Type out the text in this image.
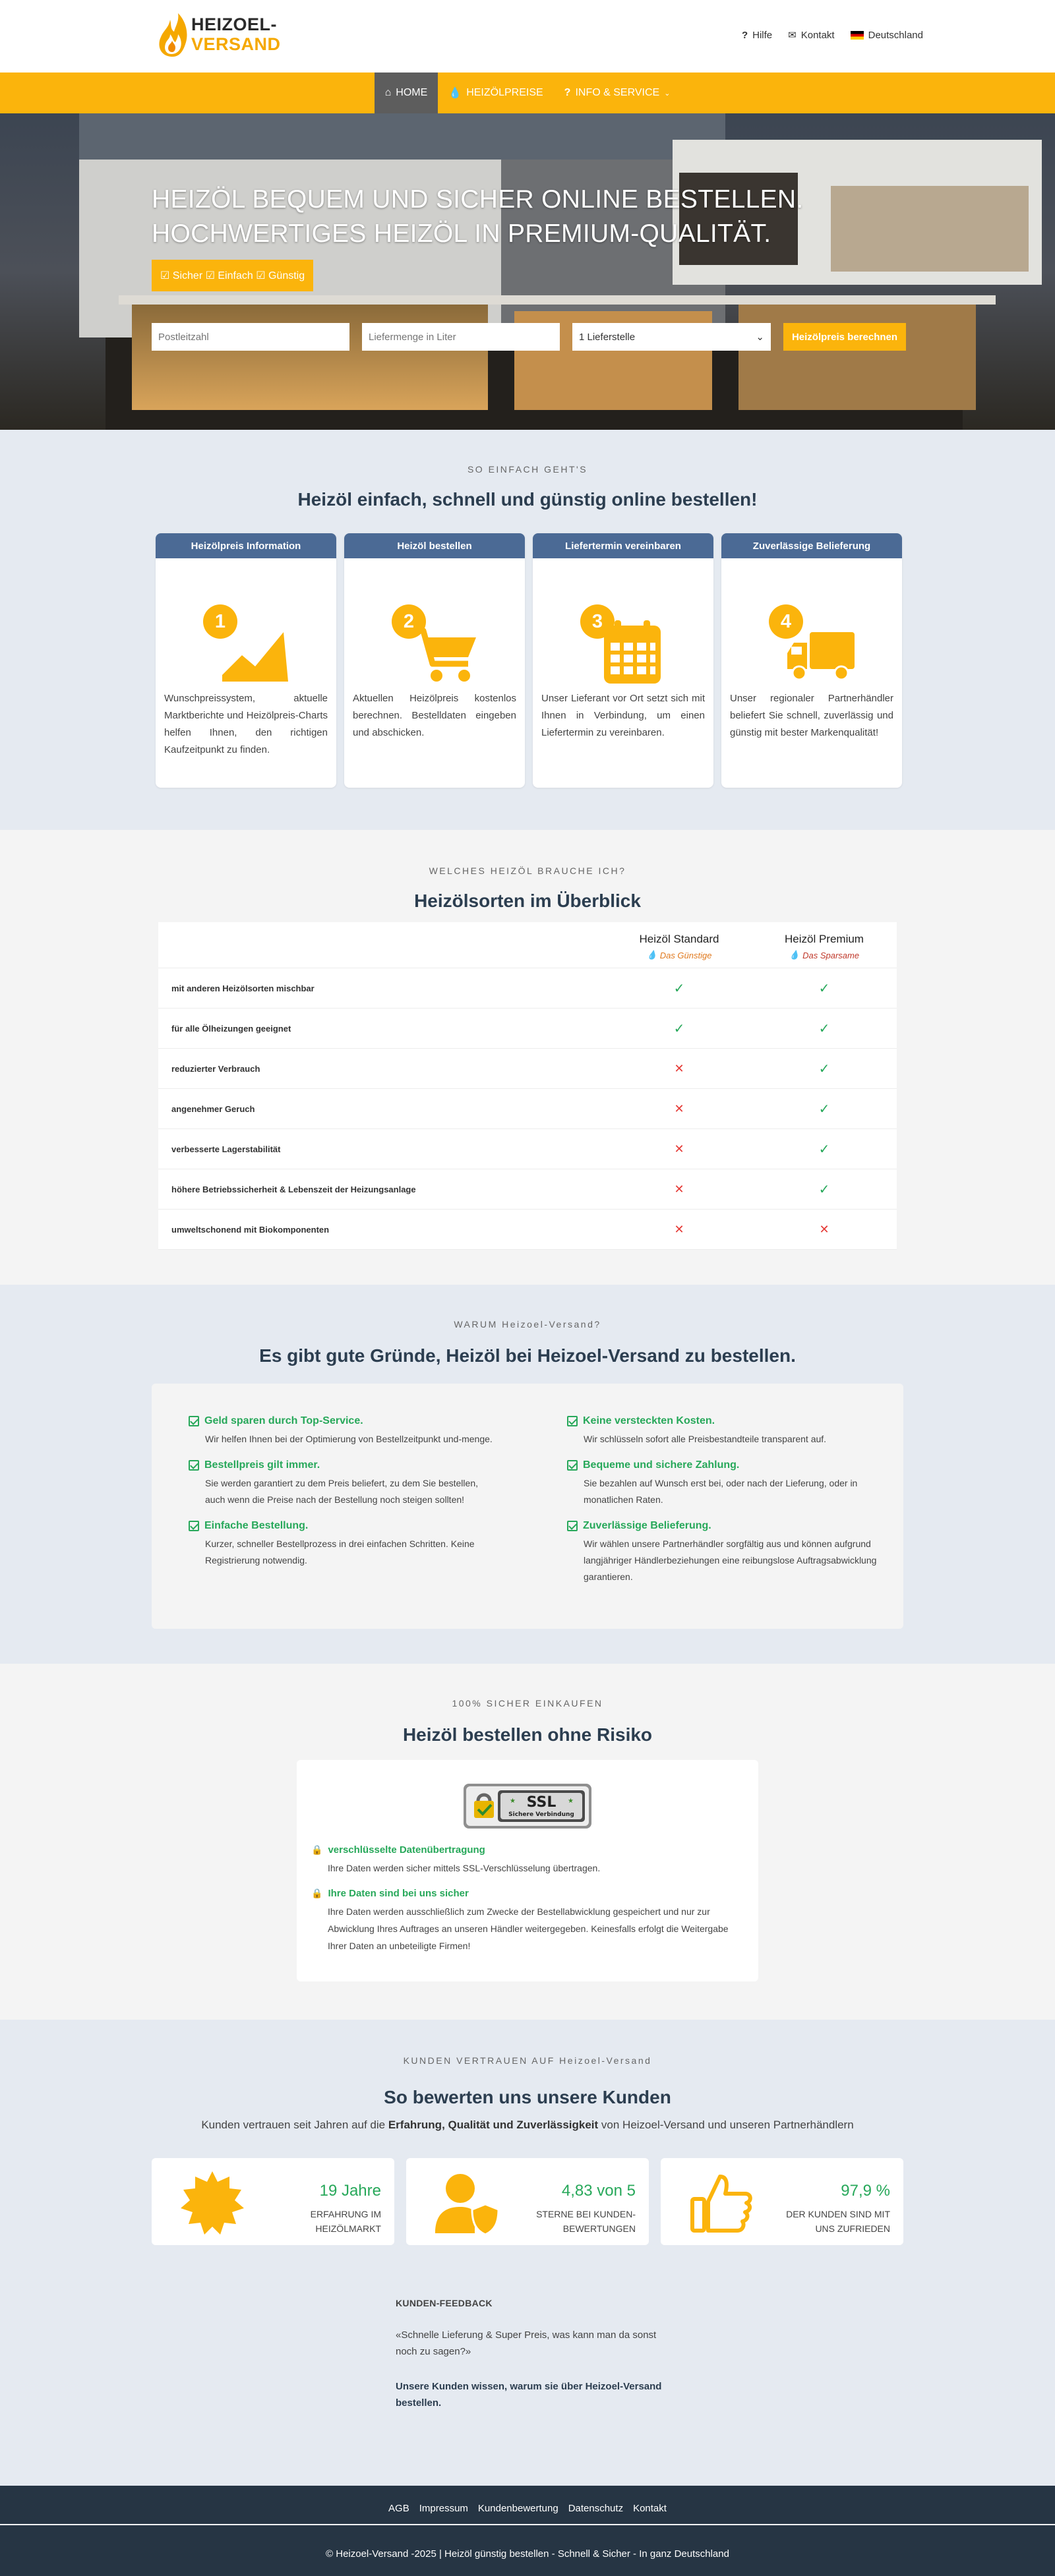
HEIZOEL-
VERSAND	? Hilfe ✉ Kontakt	Deutschland
⌂ HOME 💧 HEIZÖLPREISE ? INFO & SERVICE ⌄
HEIZÖL BEQUEM UND SICHER ONLINE BESTELLEN.
HOCHWERTIGES HEIZÖL IN PREMIUM-QUALITÄT.
☑ Sicher ☑ Einfach ☑ Günstig
Postleitzahl
Liefermenge in Liter
1 Lieferstelle	⌄	Heizölpreis berechnen
SO EINFACH GEHT'S
Heizöl einfach, schnell und günstig online bestellen!
Heizölpreis Information
1
Wunschpreissystem, aktuelle Marktberichte und Heizölpreis-Charts helfen Ihnen, den richtigen Kaufzeitpunkt zu finden.
Heizöl bestellen
2
Aktuellen Heizölpreis kostenlos berechnen. Bestelldaten eingeben und abschicken.
Liefertermin vereinbaren
3
Unser Lieferant vor Ort setzt sich mit Ihnen in Verbindung, um einen Liefertermin zu vereinbaren.
Zuverlässige Belieferung
4
Unser regionaler Partnerhändler beliefert Sie schnell, zuverlässig und günstig mit bester Markenqualität!
WELCHES HEIZÖL BRAUCHE ICH?
Heizölsorten im Überblick
Heizöl Standard
💧 Das Günstige
Heizöl Premium
💧 Das Sparsame
mit anderen Heizölsorten mischbar	✓	✓
für alle Ölheizungen geeignet	✓	✓
reduzierter Verbrauch	✕	✓
angenehmer Geruch	✕	✓
verbesserte Lagerstabilität	✕	✓
höhere Betriebssicherheit & Lebenszeit der Heizungsanlage	✕	✓
umweltschonend mit Biokomponenten	✕	✕
WARUM Heizoel-Versand?
Es gibt gute Gründe, Heizöl bei Heizoel-Versand zu bestellen.
Geld sparen durch Top-Service.
Wir helfen Ihnen bei der Optimierung von Bestellzeitpunkt und-menge.
Bestellpreis gilt immer.
Sie werden garantiert zu dem Preis beliefert, zu dem Sie bestellen, auch wenn die Preise nach der Bestellung noch steigen sollten!
Einfache Bestellung.
Kurzer, schneller Bestellprozess in drei einfachen Schritten. Keine Registrierung notwendig.
Keine versteckten Kosten.
Wir schlüsseln sofort alle Preisbestandteile transparent auf.
Bequeme und sichere Zahlung.
Sie bezahlen auf Wunsch erst bei, oder nach der Lieferung, oder in monatlichen Raten.
Zuverlässige Belieferung.
Wir wählen unsere Partnerhändler sorgfältig aus und können aufgrund langjähriger Händlerbeziehungen eine reibungslose Auftragsabwicklung garantieren.
100% SICHER EINKAUFEN
Heizöl bestellen ohne Risiko
★	★
SSL
Sichere Verbindung
🔒 verschlüsselte Datenübertragung
Ihre Daten werden sicher mittels SSL-Verschlüsselung übertragen.
🔒 Ihre Daten sind bei uns sicher
Ihre Daten werden ausschließlich zum Zwecke der Bestellabwicklung gespeichert und nur zur Abwicklung Ihres Auftrages an unseren Händler weitergegeben. Keinesfalls erfolgt die Weitergabe Ihrer Daten an unbeteiligte Firmen!
KUNDEN VERTRAUEN AUF Heizoel-Versand
So bewerten uns unsere Kunden
Kunden vertrauen seit Jahren auf die Erfahrung, Qualität und Zuverlässigkeit von Heizoel-Versand und unseren Partnerhändlern
19 Jahre
ERFAHRUNG IM
HEIZÖLMARKT
4,83 von 5
STERNE BEI KUNDEN-
BEWERTUNGEN
97,9 %
DER KUNDEN SIND MIT
UNS ZUFRIEDEN
KUNDEN-FEEDBACK
«Schnelle Lieferung & Super Preis, was kann man da sonst noch zu sagen?»
Unsere Kunden wissen, warum sie über Heizoel-Versand bestellen.
AGB Impressum Kundenbewertung Datenschutz Kontakt
© Heizoel-Versand -2025 | Heizöl günstig bestellen - Schnell & Sicher - In ganz Deutschland
